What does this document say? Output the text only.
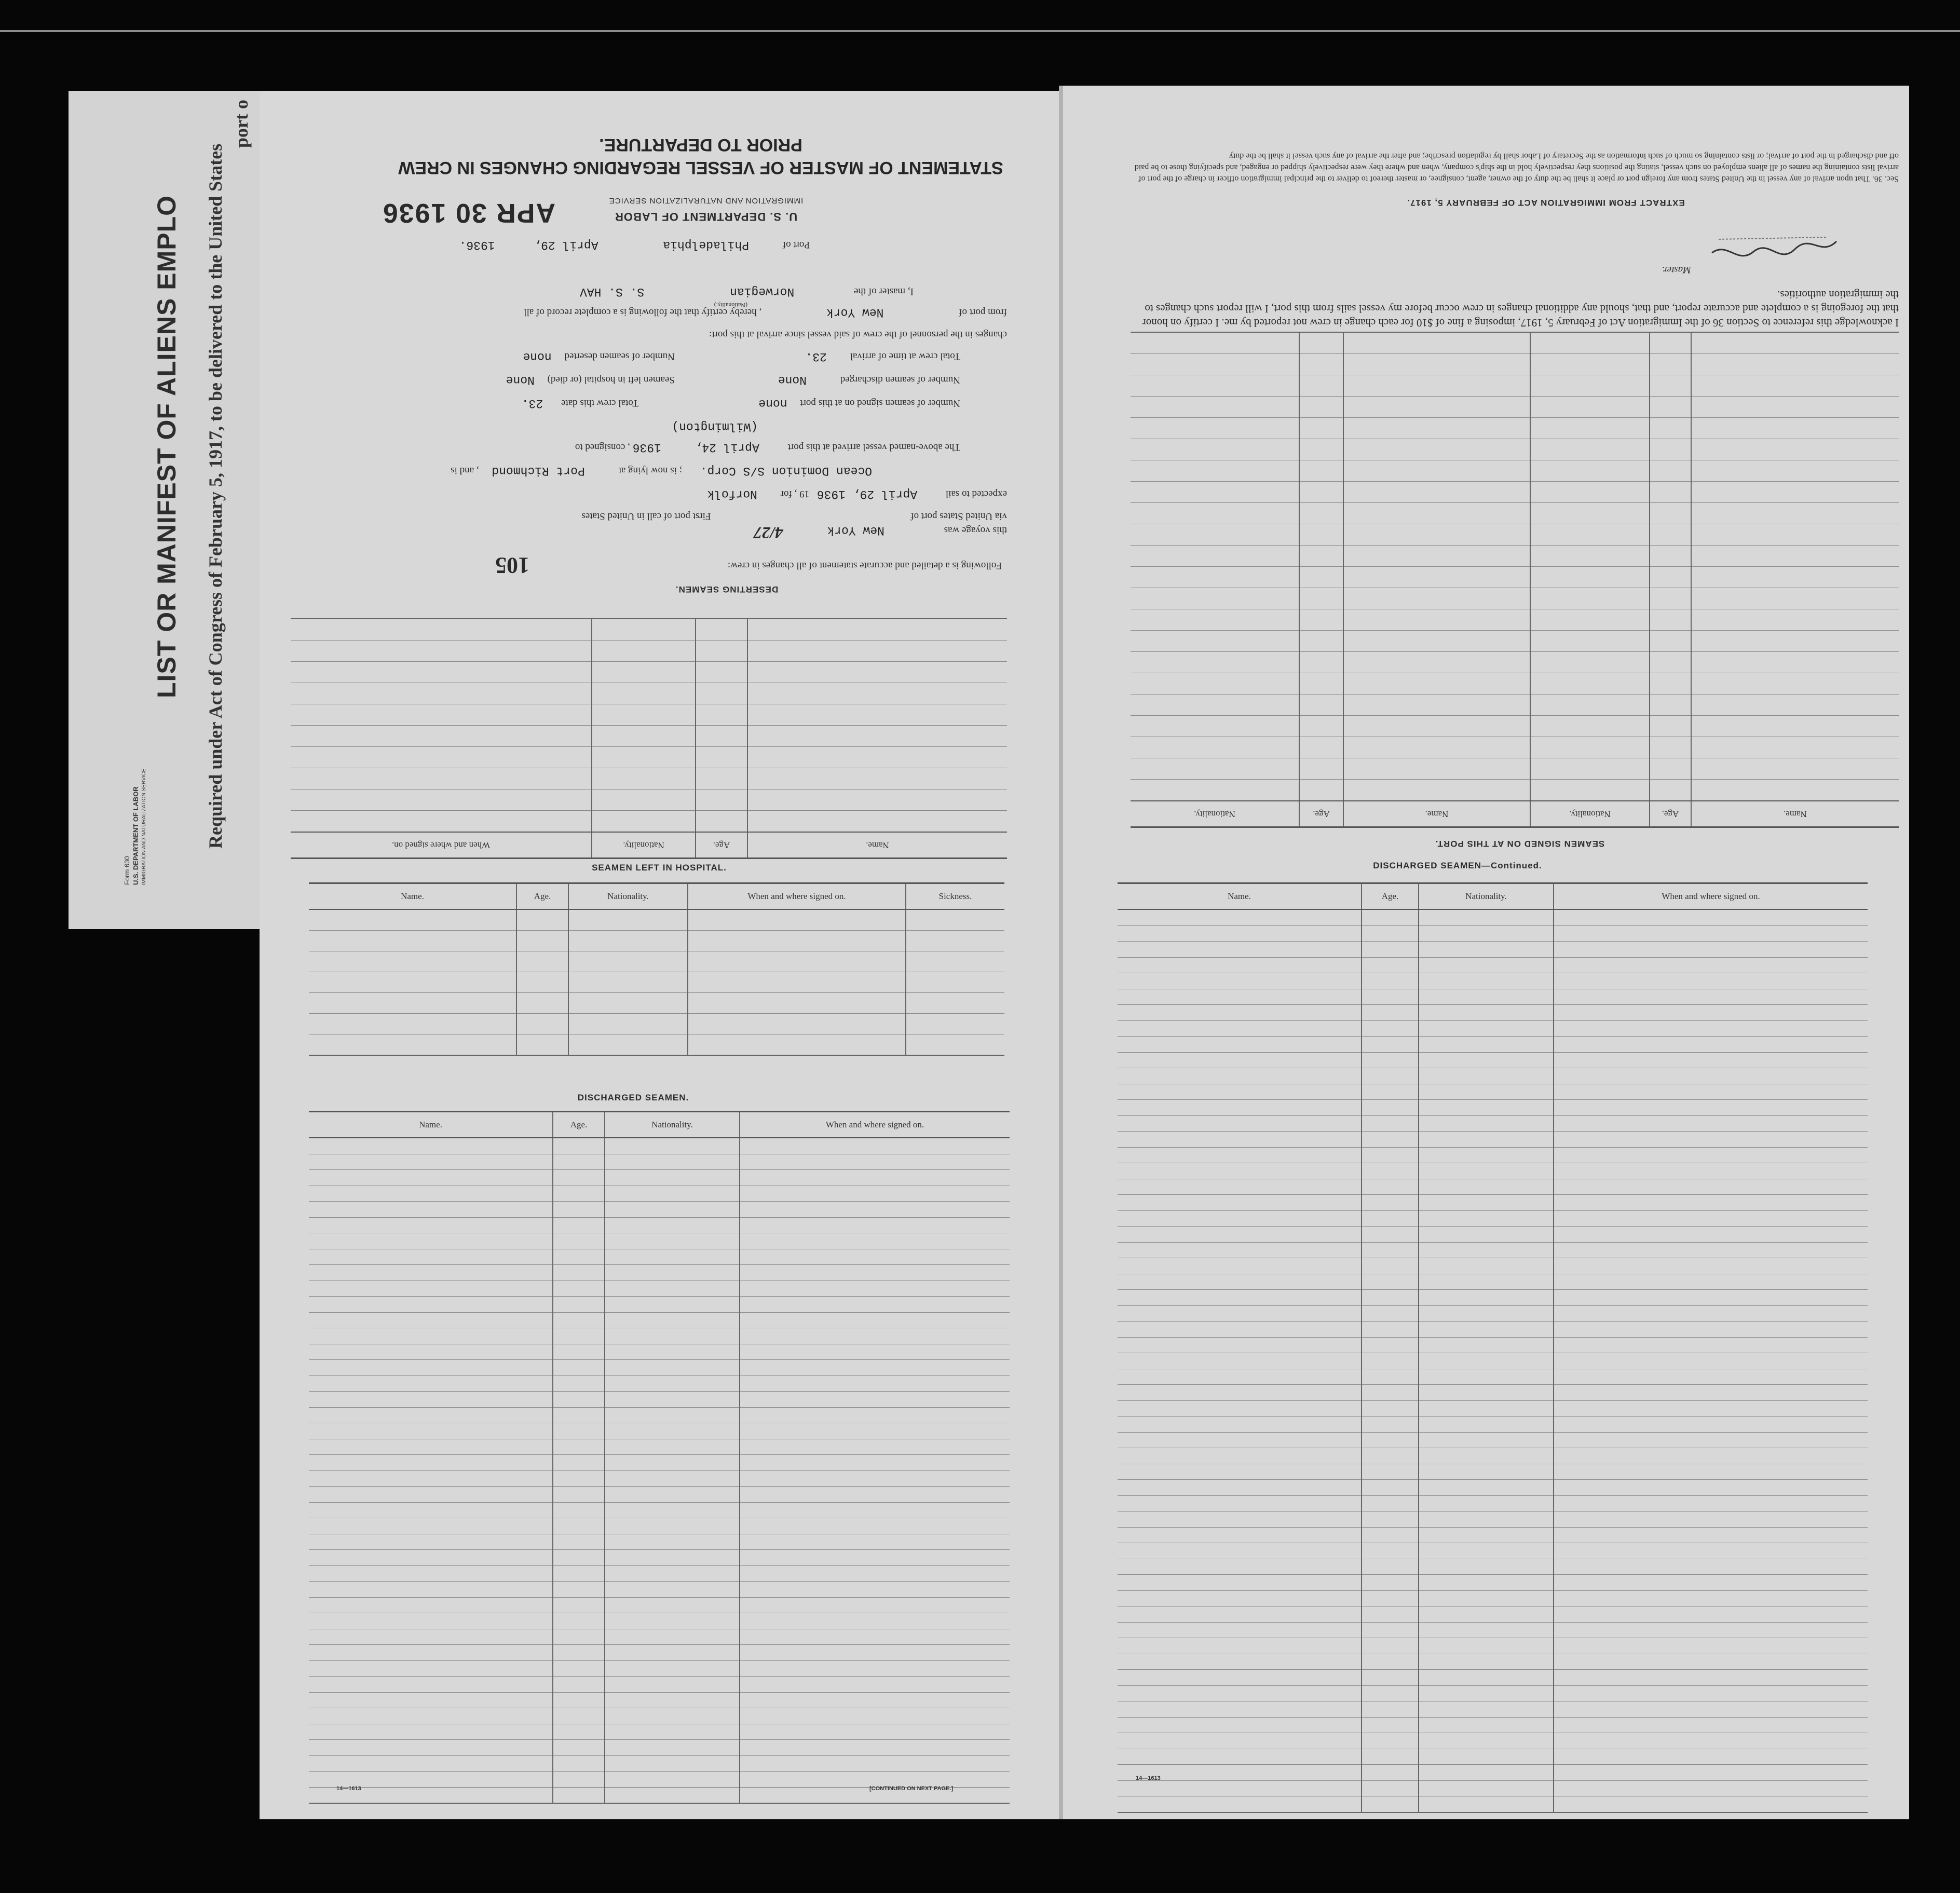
LIST OR MANIFEST OF ALIENS EMPLO Required under Act of Congress of February 5, 1917, to be delivered to the United States
port o
Form 630 U.S. DEPARTMENT OF LABOR IMMIGRATION AND NATURALIZATION SERVICE
STATEMENT OF MASTER OF VESSEL REGARDING CHANGES IN CREW
PRIOR TO DEPARTURE.
APR 30 1936	U. S. DEPARTMENT OF LABOR
IMMIGRATION AND NATURALIZATION SERVICE
Port of Philadelphia April 29, 1936.
I, master of the Norwegian S. S. HAV
(Nationality.)
from port of New York , hereby certify that the following is a complete record of all
changes in the personnel of the crew of said vessel since arrival at this port:
Total crew at time of arrival 23.
Number of seamen deserted none
Number of seamen discharged None
Seamen left in hospital (or died) None
Number of seamen signed on at this port none
Total crew this date 23.
(Wilmington)
The above-named vessel arrived at this port April 24, 1936 , consigned to
Ocean Dominion S/S Corp. ; is now lying at Port Richmond , and is
expected to sail April 29, 1936 19 , for Norfolk
via United States port of First port of call in United States
this voyage was New York 4/27
Following is a detailed and accurate statement of all changes in crew:
105
DESERTING SEAMEN.

Name.	Age.	Nationality.	When and where signed on.
SEAMEN LEFT IN HOSPITAL.
Name.	Age.	Nationality.	When and where signed on.	Sickness.

DISCHARGED SEAMEN.
Name.	Age.	Nationality.	When and where signed on.

14—1613	[CONTINUED ON NEXT PAGE.]
Sec. 36. That upon arrival of any vessel in the United States from any foreign port or place it shall be the duty of the owner, agent, consignee, or master thereof to deliver to the principal immigration officer in charge of the port of arrival lists containing the names of all aliens employed on such vessel, stating the positions they respectively hold in the ship's company, when and where they were respectively shipped or engaged, and specifying those to be paid off and discharged in the port of arrival; or lists containing so much of such information as the Secretary of Labor shall by regulation prescribe; and after the arrival of any such vessel it shall be the duty
EXTRACT FROM IMMIGRATION ACT OF FEBRUARY 5, 1917.
Master.
I acknowledge this reference to Section 36 of the Immigration Act of February 5, 1917, imposing a fine of $10 for each change in crew not reported by me. I certify on honor that the foregoing is a complete and accurate report, and that, should any additional changes in crew occur before my vessel sails from this port, I will report such changes to the immigration authorities.

Name.	Age.	Nationality.	Name.	Age.	Nationality.
SEAMEN SIGNED ON AT THIS PORT.
DISCHARGED SEAMEN—Continued.
Name.	Age.	Nationality.	When and where signed on.

14—1613
